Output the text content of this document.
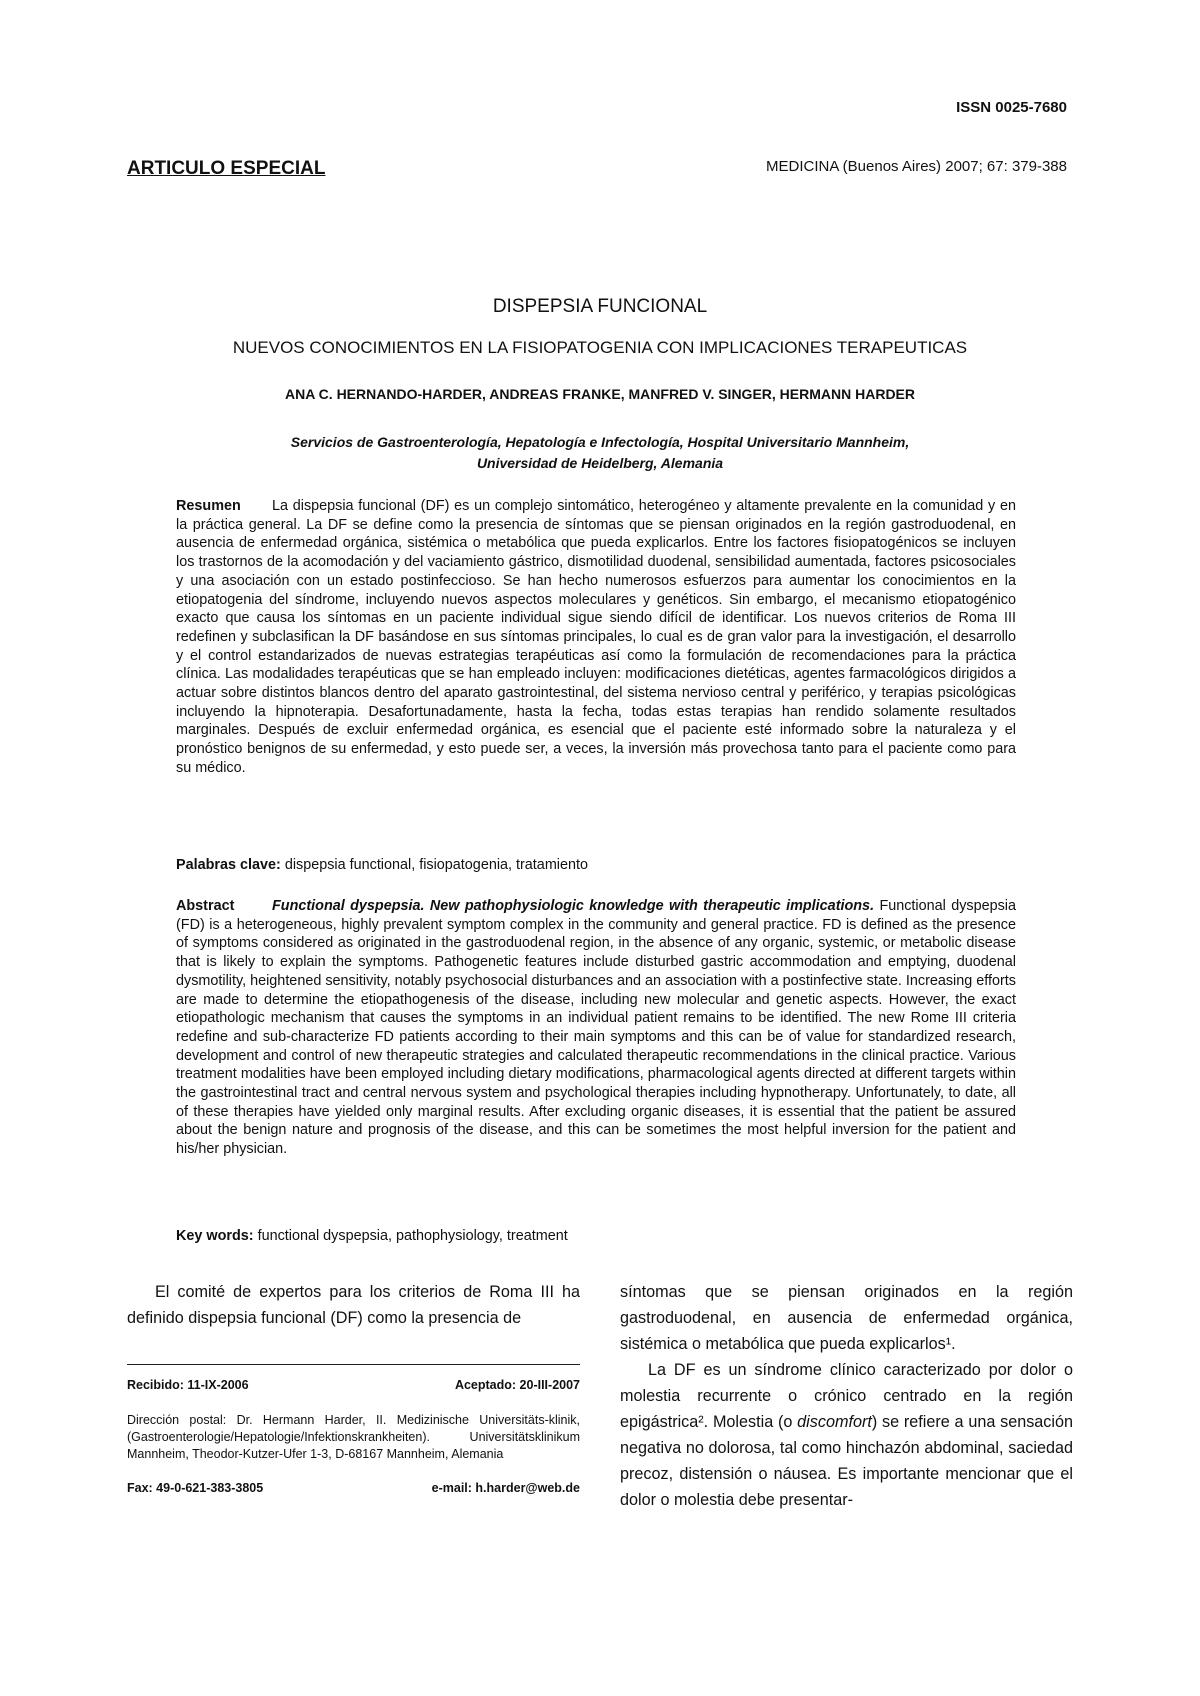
ISSN 0025-7680
ARTICULO ESPECIAL	MEDICINA (Buenos Aires) 2007; 67: 379-388
DISPEPSIA FUNCIONAL
NUEVOS CONOCIMIENTOS EN LA FISIOPATOGENIA CON IMPLICACIONES TERAPEUTICAS
ANA C. HERNANDO-HARDER, ANDREAS FRANKE, MANFRED V. SINGER, HERMANN HARDER
Servicios de Gastroenterología, Hepatología e Infectología, Hospital Universitario Mannheim,
Universidad de Heidelberg, Alemania
Resumen La dispepsia funcional (DF) es un complejo sintomático, heterogéneo y altamente prevalente en la comunidad y en la práctica general. La DF se define como la presencia de síntomas que se piensan originados en la región gastroduodenal, en ausencia de enfermedad orgánica, sistémica o metabólica que pueda explicarlos. Entre los factores fisiopatogénicos se incluyen los trastornos de la acomodación y del vaciamiento gástrico, dismotilidad duodenal, sensibilidad aumentada, factores psicosociales y una asociación con un estado postinfeccioso. Se han hecho numerosos esfuerzos para aumentar los conocimientos en la etiopatogenia del síndrome, incluyendo nuevos aspectos moleculares y genéticos. Sin embargo, el mecanismo etiopatogénico exacto que causa los síntomas en un paciente individual sigue siendo difícil de identificar. Los nuevos criterios de Roma III redefinen y subclasifican la DF basándose en sus síntomas principales, lo cual es de gran valor para la investigación, el desarrollo y el control estandarizados de nuevas estrategias terapéuticas así como la formulación de recomendaciones para la práctica clínica. Las modalidades terapéuticas que se han empleado incluyen: modificaciones dietéticas, agentes farmacológicos dirigidos a actuar sobre distintos blancos dentro del aparato gastrointestinal, del sistema nervioso central y periférico, y terapias psicológicas incluyendo la hipnoterapia. Desafortunadamente, hasta la fecha, todas estas terapias han rendido solamente resultados marginales. Después de excluir enfermedad orgánica, es esencial que el paciente esté informado sobre la naturaleza y el pronóstico benignos de su enfermedad, y esto puede ser, a veces, la inversión más provechosa tanto para el paciente como para su médico.
Palabras clave: dispepsia functional, fisiopatogenia, tratamiento
Abstract	Functional dyspepsia. New pathophysiologic knowledge with therapeutic implications. Functional dyspepsia (FD) is a heterogeneous, highly prevalent symptom complex in the community and general practice. FD is defined as the presence of symptoms considered as originated in the gastroduodenal region, in the absence of any organic, systemic, or metabolic disease that is likely to explain the symptoms. Pathogenetic features include disturbed gastric accommodation and emptying, duodenal dysmotility, heightened sensitivity, notably psychosocial disturbances and an association with a postinfective state. Increasing efforts are made to determine the etiopathogenesis of the disease, including new molecular and genetic aspects. However, the exact etiopathologic mechanism that causes the symptoms in an individual patient remains to be identified. The new Rome III criteria redefine and sub-characterize FD patients according to their main symptoms and this can be of value for standardized research, development and control of new therapeutic strategies and calculated therapeutic recommendations in the clinical practice. Various treatment modalities have been employed including dietary modifications, pharmacological agents directed at different targets within the gastrointestinal tract and central nervous system and psychological therapies including hypnotherapy. Unfortunately, to date, all of these therapies have yielded only marginal results. After excluding organic diseases, it is essential that the patient be assured about the benign nature and prognosis of the disease, and this can be sometimes the most helpful inversion for the patient and his/her physician.
Key words: functional dyspepsia, pathophysiology, treatment
El comité de expertos para los criterios de Roma III ha definido dispepsia funcional (DF) como la presencia de
Recibido: 11-IX-2006	Aceptado: 20-III-2007
Dirección postal: Dr. Hermann Harder, II. Medizinische Universitäts-klinik, (Gastroenterologie/Hepatologie/Infektionskrankheiten). Universitätsklinikum Mannheim, Theodor-Kutzer-Ufer 1-3, D-68167 Mannheim, Alemania
Fax: 49-0-621-383-3805	e-mail: h.harder@web.de
síntomas que se piensan originados en la región gastroduodenal, en ausencia de enfermedad orgánica, sistémica o metabólica que pueda explicarlos¹.
La DF es un síndrome clínico caracterizado por dolor o molestia recurrente o crónico centrado en la región epigástrica². Molestia (o discomfort) se refiere a una sensación negativa no dolorosa, tal como hinchazón abdominal, saciedad precoz, distensión o náusea. Es importante mencionar que el dolor o molestia debe presentar-
